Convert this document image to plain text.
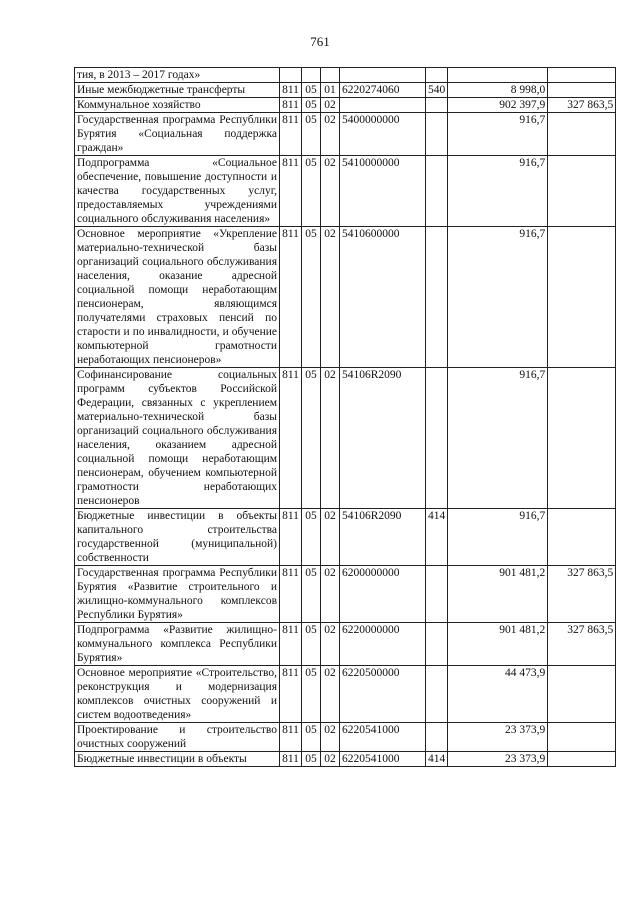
761
тия, в 2013 – 2017 годах»							
Иные межбюджетные трансферты	811	05	01	6220274060	540	8 998,0	
Коммунальное хозяйство	811	05	02			902 397,9	327 863,5
Государственная программа Республики Бурятия «Социальная поддержка граждан»	811	05	02	5400000000		916,7	
Подпрограмма «Социальное обеспечение, повышение доступности и качества государственных услуг, предоставляемых учреждениями социального обслуживания населения»	811	05	02	5410000000		916,7	
Основное мероприятие «Укрепление материально-технической базы организаций социального обслуживания населения, оказание адресной социальной помощи неработающим пенсионерам, являющимся получателями страховых пенсий по старости и по инвалидности, и обучение компьютерной грамотности неработающих пенсионеров»	811	05	02	5410600000		916,7	
Софинансирование социальных программ субъектов Российской Федерации, связанных с укреплением материально-технической базы организаций социального обслуживания населения, оказанием адресной социальной помощи неработающим пенсионерам, обучением компьютерной грамотности неработающих пенсионеров	811	05	02	54106R2090		916,7	
Бюджетные инвестиции в объекты капитального строительства государственной (муниципальной) собственности	811	05	02	54106R2090	414	916,7	
Государственная программа Республики Бурятия «Развитие строительного и жилищно-коммунального комплексов Республики Бурятия»	811	05	02	6200000000		901 481,2	327 863,5
Подпрограмма «Развитие жилищно-коммунального комплекса Республики Бурятия»	811	05	02	6220000000		901 481,2	327 863,5
Основное мероприятие «Строительство, реконструкция и модернизация комплексов очистных сооружений и систем водоотведения»	811	05	02	6220500000		44 473,9	
Проектирование и строительство очистных сооружений	811	05	02	6220541000		23 373,9	
Бюджетные инвестиции в объекты	811	05	02	6220541000	414	23 373,9	
